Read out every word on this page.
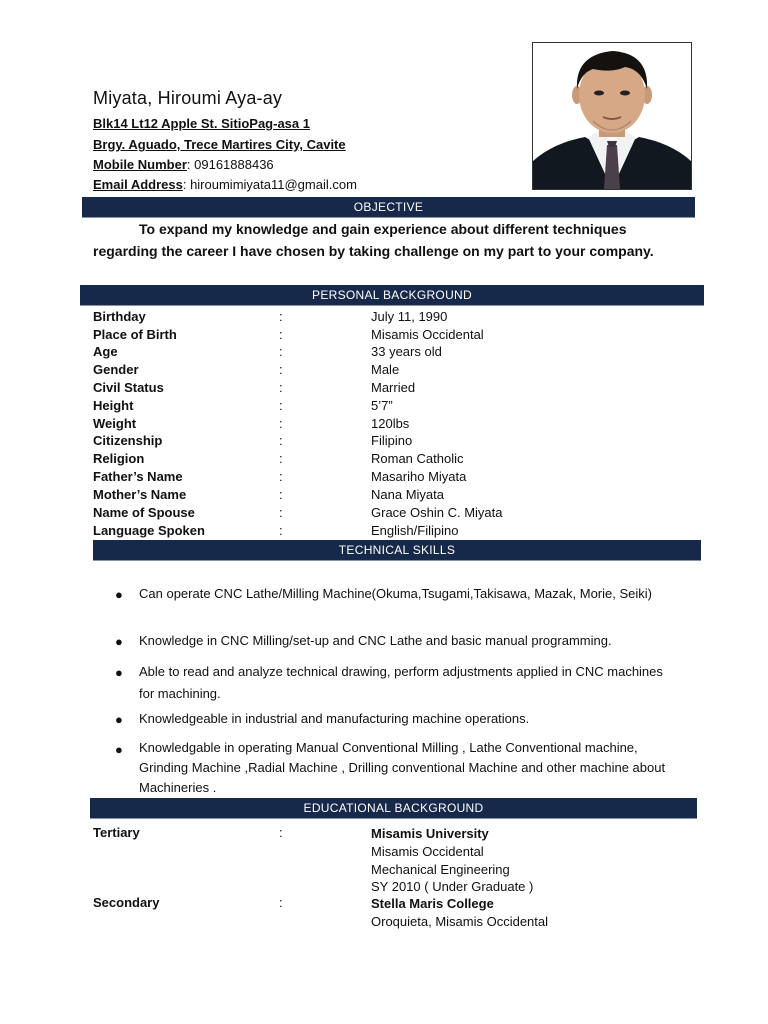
Miyata, Hiroumi Aya-ay
Blk14 Lt12 Apple St. SitioPag-asa 1
Brgy. Aguado, Trece Martires City, Cavite
Mobile Number: 09161888436
Email Address: hiroumimiyata11@gmail.com
OBJECTIVE
To expand my knowledge and gain experience about different techniques regarding the career I have chosen by taking challenge on my part to your company.
PERSONAL BACKGROUND
Birthday	:	July 11, 1990
Place of Birth	:	Misamis Occidental
Age	:	33 years old
Gender	:	Male
Civil Status	:	Married
Height	:	5’7”
Weight	:	120lbs
Citizenship	:	Filipino
Religion	:	Roman Catholic
Father’s Name	:	Masariho Miyata
Mother’s Name	:	Nana Miyata
Name of Spouse	:	Grace Oshin C. Miyata
Language Spoken	:	English/Filipino
TECHNICAL SKILLS
● Can operate CNC Lathe/Milling Machine(Okuma,Tsugami,Takisawa, Mazak, Morie, Seiki)
● Knowledge in CNC Milling/set-up and CNC Lathe and basic manual programming.
● Able to read and analyze technical drawing, perform adjustments applied in CNC machines for machining.
● Knowledgeable in industrial and manufacturing machine operations.
● Knowledgable in operating Manual Conventional Milling , Lathe Conventional machine, Grinding Machine ,Radial Machine , Drilling conventional Machine and other machine about Machineries .
EDUCATIONAL BACKGROUND
Tertiary	:	Misamis University
Misamis Occidental
Mechanical Engineering
SY 2010 ( Under Graduate )
Secondary	:	Stella Maris College
Oroquieta, Misamis Occidental
